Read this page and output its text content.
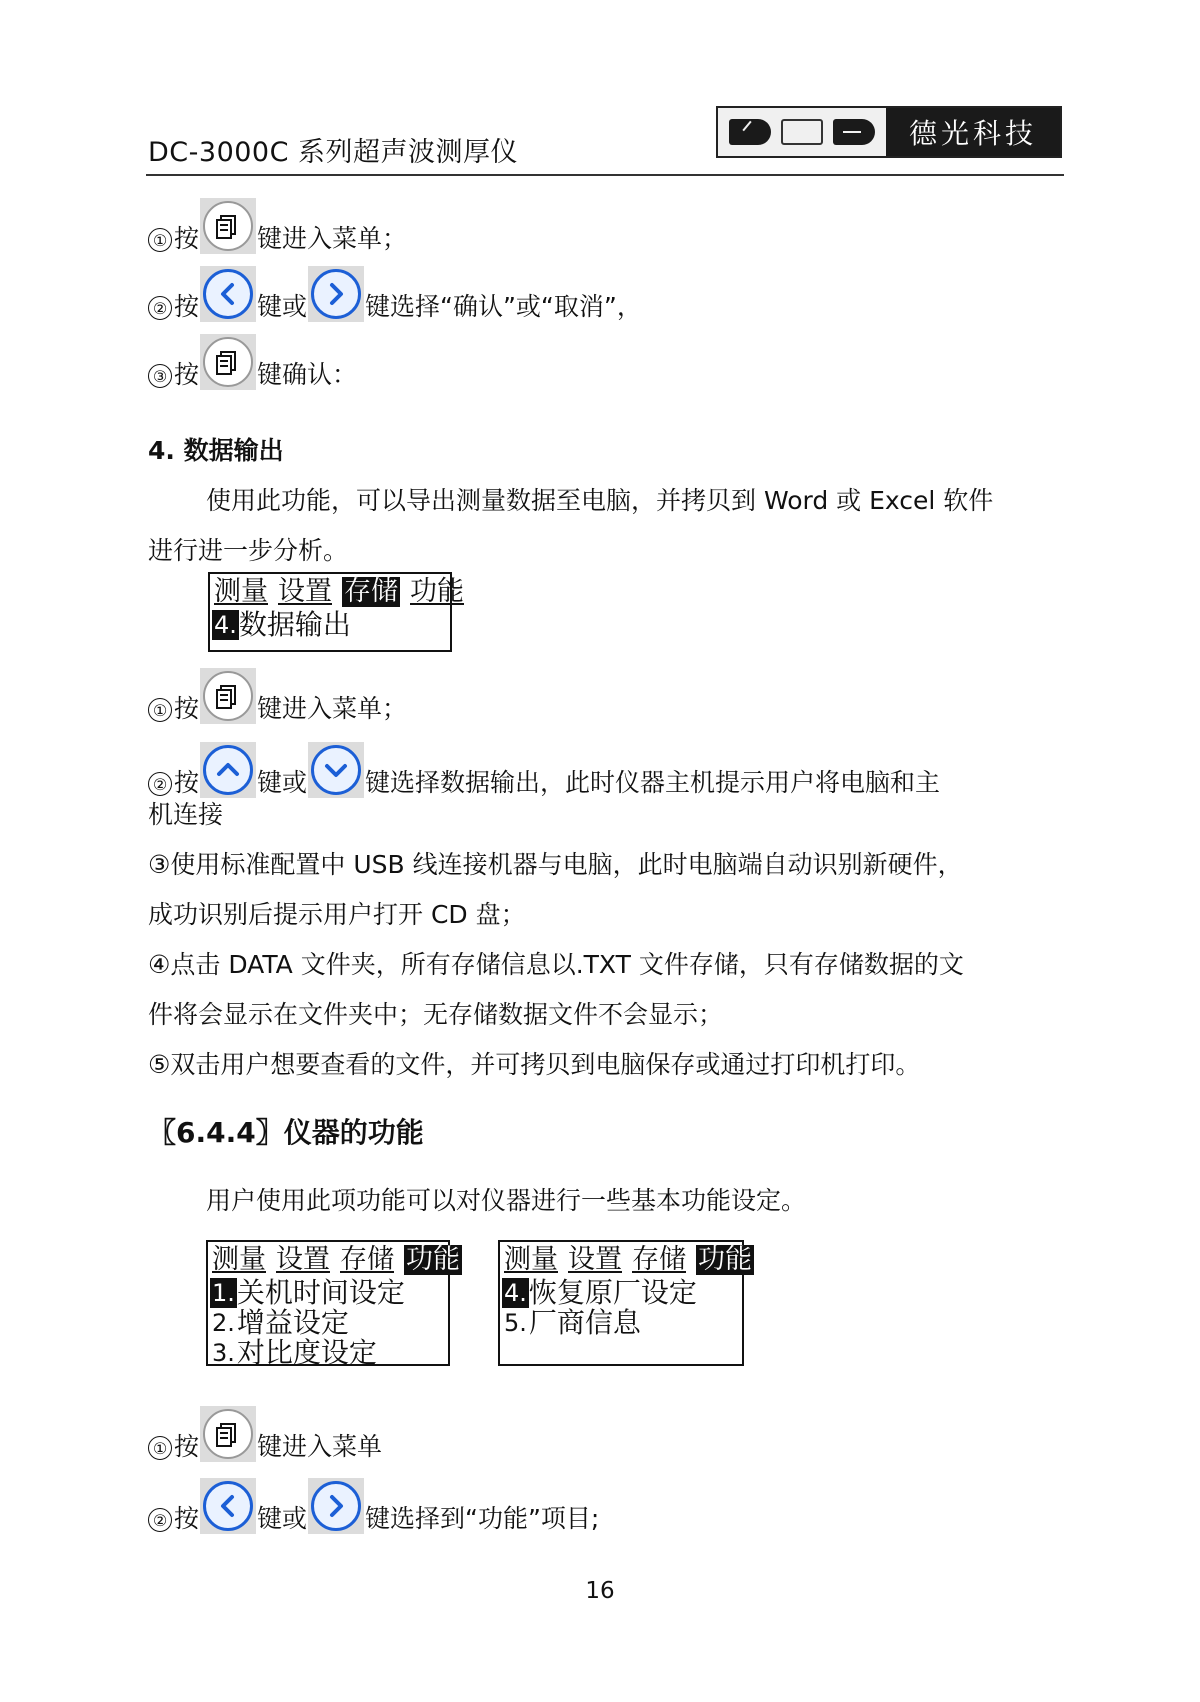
DC-3000C 系列超声波测厚仪
德光科技
① 按 键进入菜单；
② 按 键或 键选择“确认”或“取消”，
③ 按 键确认：
4. 数据输出
使用此功能，可以导出测量数据至电脑，并拷贝到 Word 或 Excel 软件
进行进一步分析。
测量 设置 存储 功能
4. 数据输出
① 按 键进入菜单；
② 按 键或 键选择数据输出，此时仪器主机提示用户将电脑和主
机连接
③使用标准配置中 USB 线连接机器与电脑，此时电脑端自动识别新硬件，
成功识别后提示用户打开 CD 盘；
④点击 DATA 文件夹，所有存储信息以.TXT 文件存储，只有存储数据的文
件将会显示在文件夹中；无存储数据文件不会显示；
⑤双击用户想要查看的文件，并可拷贝到电脑保存或通过打印机打印。
〖6.4.4〗仪器的功能
用户使用此项功能可以对仪器进行一些基本功能设定。
测量 设置 存储 功能
1. 关机时间设定
2. 增益设定
3. 对比度设定
测量 设置 存储 功能
4. 恢复原厂设定
5. 厂商信息
① 按 键进入菜单
② 按 键或 键选择到“功能”项目;
16
